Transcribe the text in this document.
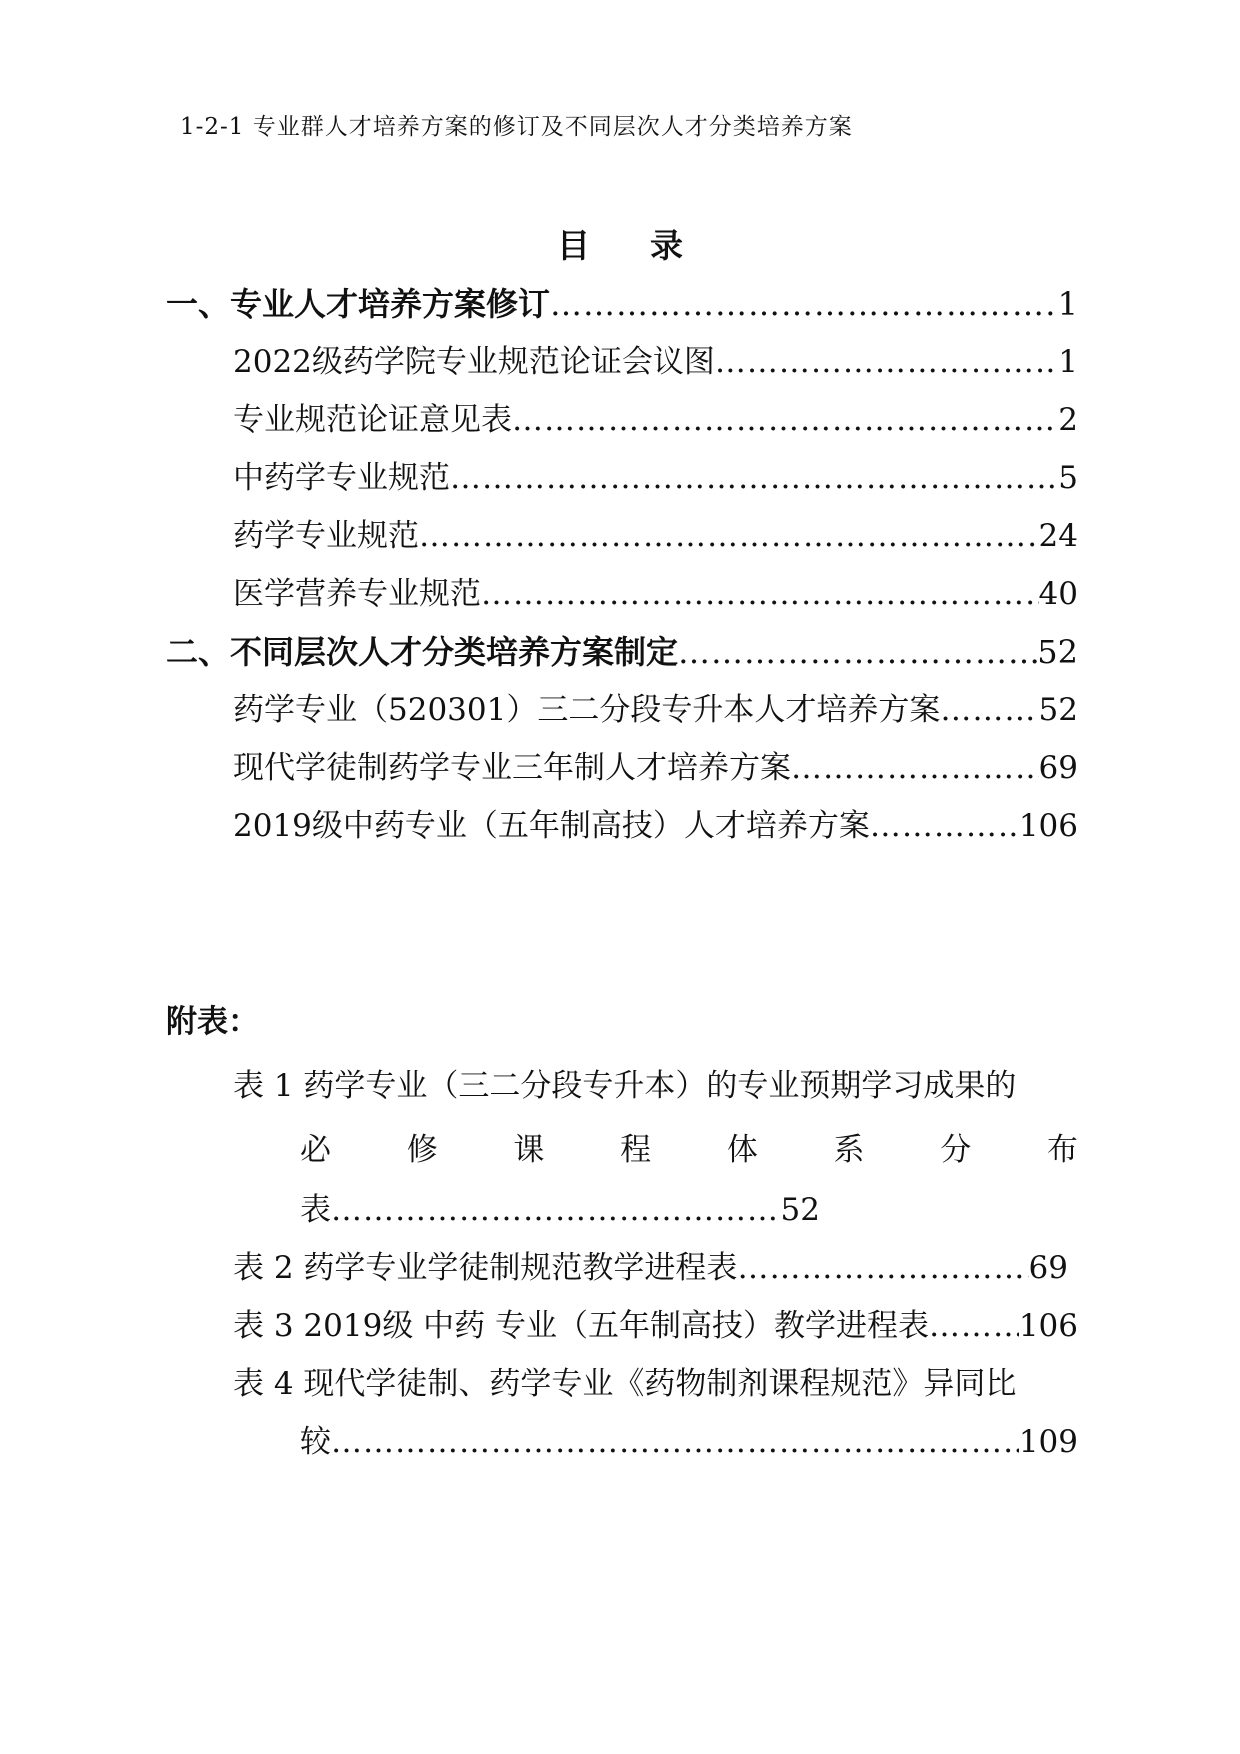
1-2-1 专业群人才培养方案的修订及不同层次人才分类培养方案
目 录
一、专业人才培养方案修订 …………………………………………………………………………………………………………………………	1
2022级药学院专业规范论证会议图 …………………………………………………………………………………………………………………………	1
专业规范论证意见表 …………………………………………………………………………………………………………………………	2
中药学专业规范 …………………………………………………………………………………………………………………………	5
药学专业规范 …………………………………………………………………………………………………………………………	24
医学营养专业规范 …………………………………………………………………………………………………………………………	40
二、不同层次人才分类培养方案制定 …………………………………………………………………………………………………………………………	52
药学专业（520301）三二分段专升本人才培养方案 …………………………………………………………………………………………………………………………	52
现代学徒制药学专业三年制人才培养方案 …………………………………………………………………………………………………………………………	69
2019级中药专业（五年制高技）人才培养方案 …………………………………………………………………………………………………………………………	106
附表：
表 1 药学专业（三二分段专升本）的专业预期学习成果的
必 修 课 程 体 系 分 布
表 …………………………………………………………………………………………………………………………	52
表 2 药学专业学徒制规范教学进程表 …………………………………………………………………………………………………………………………	69
表 3 2019级 中药 专业（五年制高技）教学进程表 …………………………………………………………………………………………………………………………	106
表 4 现代学徒制、药学专业《药物制剂课程规范》异同比
较 …………………………………………………………………………………………………………………………	109
